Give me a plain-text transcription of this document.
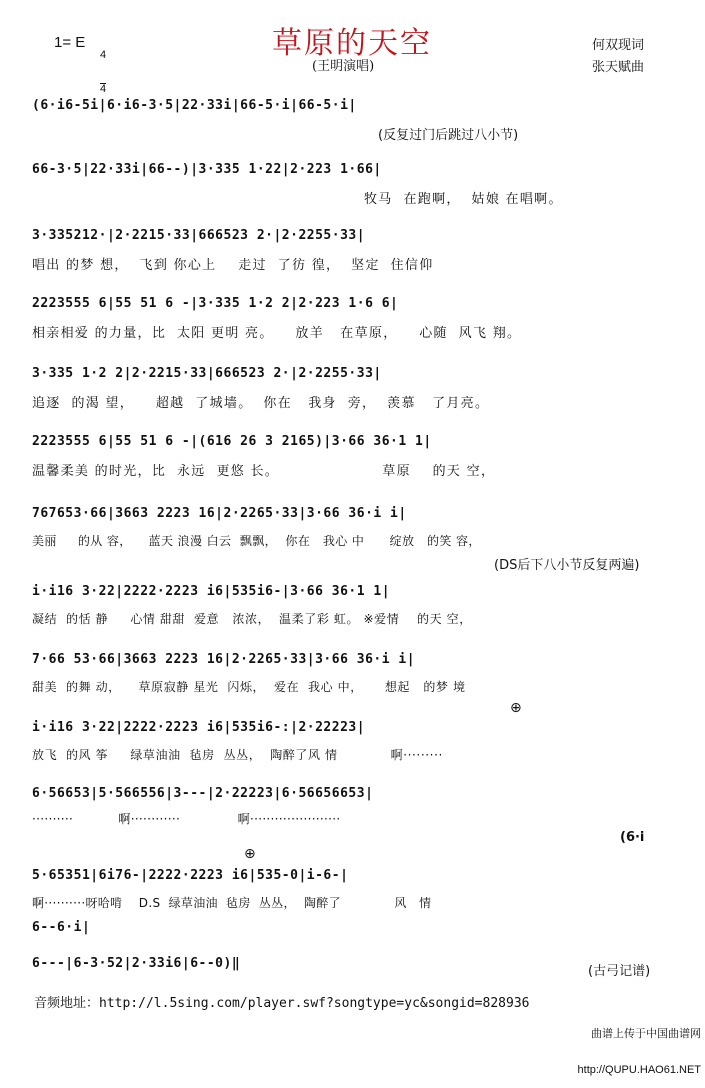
草原的天空
1= E

$\frac{4}{4}$	(王明演唱)
何双现词
张天赋曲
(6·i6-5i|6·i6-3·5|22·33i|66-5·i|66-5·i|
(反复过门后跳过八小节)
66-3·5|22·33i|66--)|3·335 1·22|2·223 1·66|
牧马  在跑啊，  姑娘 在唱啊。
3·335212·|2·2215·33|666523 2·|2·2255·33|
唱出 的梦 想，  飞到 你心上    走过  了彷 徨，  坚定  住信仰
2223555 6|55 51 6 -|3·335 1·2 2|2·223 1·6 6|
相亲相爱 的力量，比  太阳 更明 亮。    放羊   在草原，    心随  风飞 翔。
3·335 1·2 2|2·2215·33|666523 2·|2·2255·33|
追逐  的渴 望，    超越  了城墙。  你在   我身  旁，  羡慕   了月亮。
2223555 6|55 51 6 -|(616 26 3 2165)|3·66 36·1 1|
温馨柔美 的时光，比  永远  更悠 长。                   草原    的天 空，
767653·66|3663 2223 16|2·2265·33|3·66 36·i i|
美丽     的从 容，    蓝天 浪漫 白云  飘飘，  你在   我心 中      绽放   的笑 容，
(DS后下八小节反复两遍)
i·i16 3·22|2222·2223 i6|535i6-|3·66 36·1 1|
凝结  的恬 静     心情 甜甜  爱意   浓浓，  温柔了彩 虹。 ※爱情    的天 空，
7·66 53·66|3663 2223 16|2·2265·33|3·66 36·i i|
甜美  的舞 动，    草原寂静 星光  闪烁，  爱在  我心 中，     想起   的梦 境
⊕
i·i16 3·22|2222·2223 i6|535i6-:|2·22223|
放飞  的风 筝     绿草油油  毡房  丛丛，  陶醉了风 情            啊·········
6·56653|5·566556|3---|2·22223|6·56656653|
··········           啊············              啊······················
(6·i
⊕
5·65351|6i76-|2222·2223 i6|535-0|i-6-|
啊··········呀哈啃    D.S  绿草油油  毡房  丛丛，  陶醉了             风   情
6--6·i|
6---|6-3·52|2·33i6|6--0)‖
(古弓记谱)
音频地址：http://l.5sing.com/player.swf?songtype=yc&songid=828936

曲谱上传于中国曲谱网

http://QUPU.HAO61.NET
